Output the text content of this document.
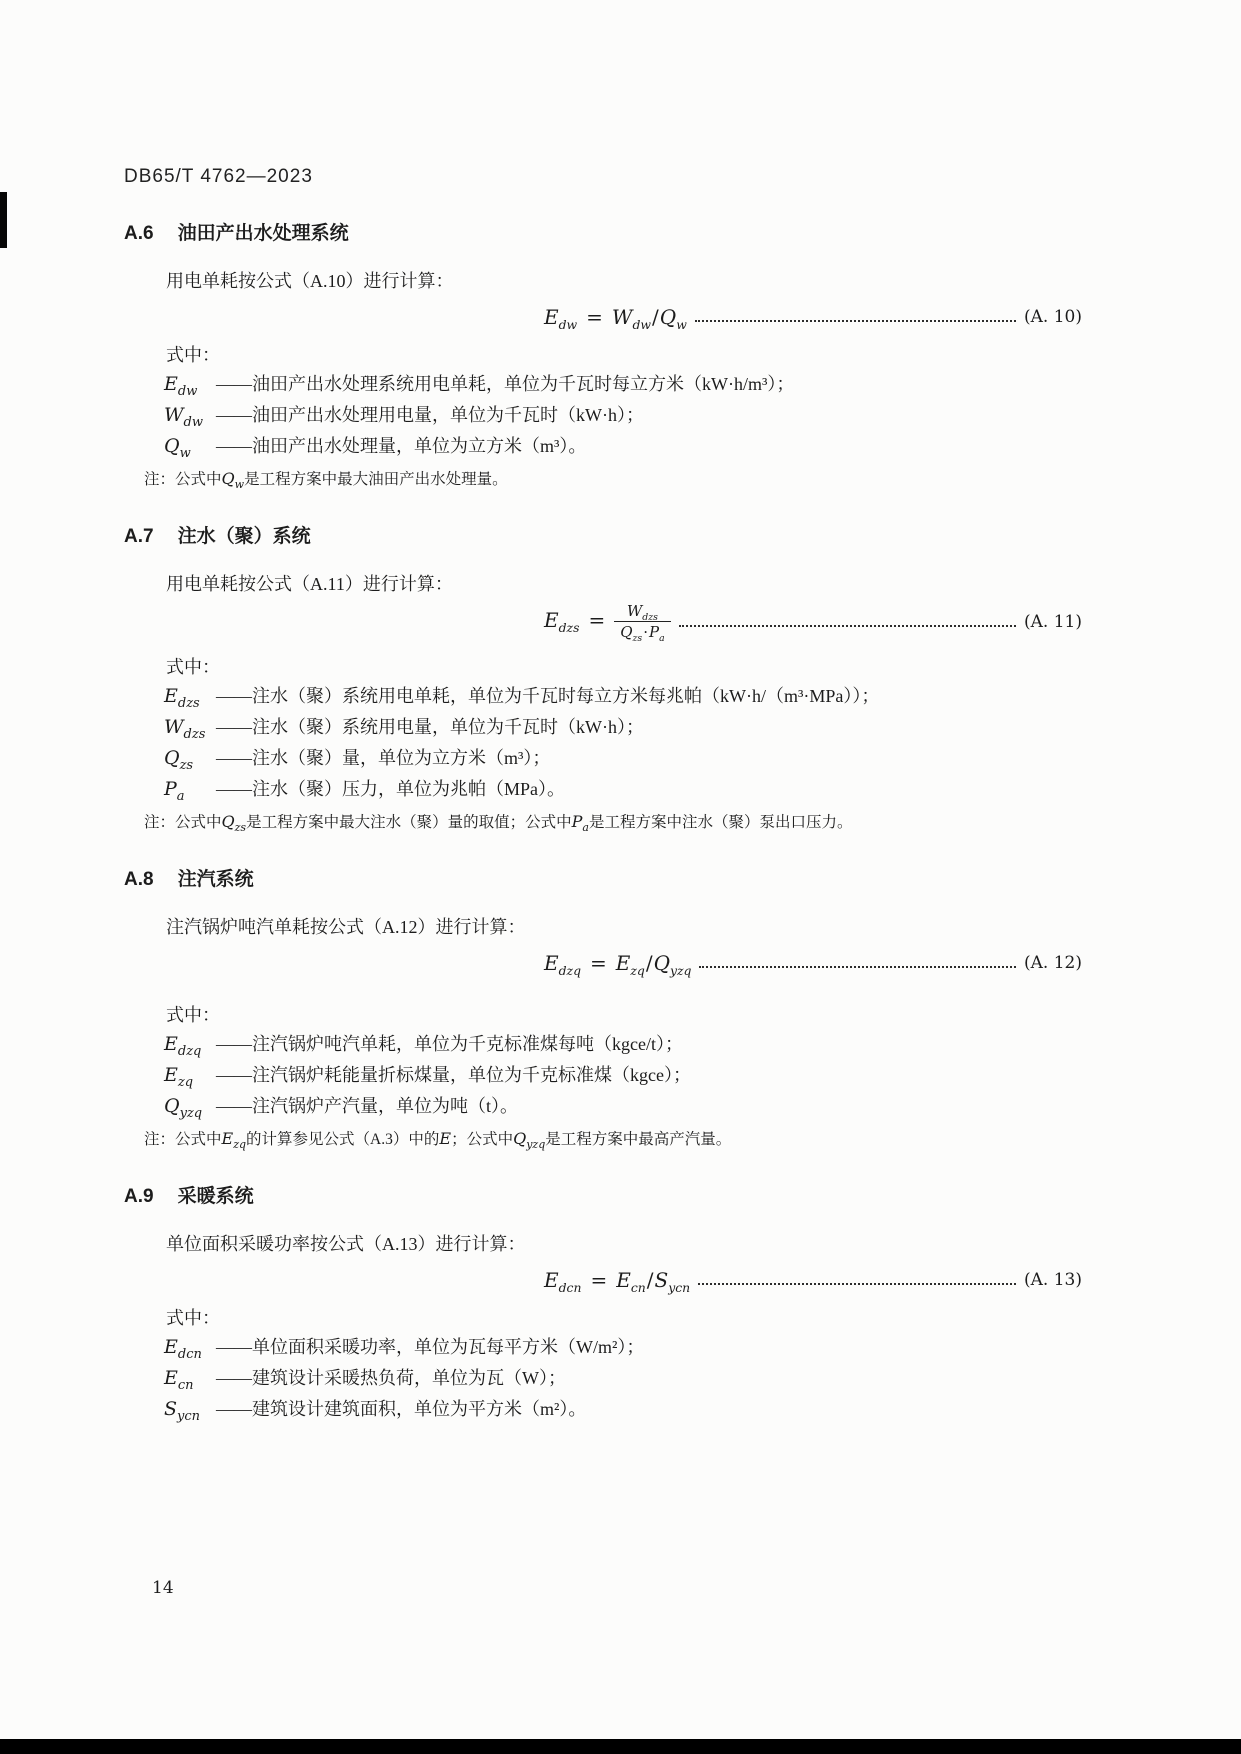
DB65/T 4762—2023
A.6 油田产出水处理系统
用电单耗按公式（A.10）进行计算：
$E_{dw} = W_{dw}/Q_w$	(A. 10)
式中：
$E_{dw}$	——油田产出水处理系统用电单耗，单位为千瓦时每立方米（kW·h/m³）；
$W_{dw}$ ——油田产出水处理用电量，单位为千瓦时（kW·h）；
$Q_w$	——油田产出水处理量，单位为立方米（m³）。
注：公式中$Q_w$是工程方案中最大油田产出水处理量。
A.7 注水（聚）系统
用电单耗按公式（A.11）进行计算：
$E_{dzs} = \frac{W_{dzs}}{Q_{zs}\cdot P_a}$	(A. 11)
式中：
$E_{dzs}$ ——注水（聚）系统用电单耗，单位为千瓦时每立方米每兆帕（kW·h/（m³·MPa））；
$W_{dzs}$ ——注水（聚）系统用电量，单位为千瓦时（kW·h）；
$Q_{zs}$	——注水（聚）量，单位为立方米（m³）；
$P_a$	——注水（聚）压力，单位为兆帕（MPa）。
注：公式中$Q_{zs}$是工程方案中最大注水（聚）量的取值；公式中$P_a$是工程方案中注水（聚）泵出口压力。
A.8 注汽系统
注汽锅炉吨汽单耗按公式（A.12）进行计算：
$E_{dzq} = E_{zq}/Q_{yzq}$	(A. 12)
式中：
$E_{dzq}$ ——注汽锅炉吨汽单耗，单位为千克标准煤每吨（kgce/t）；
$E_{zq}$	——注汽锅炉耗能量折标煤量，单位为千克标准煤（kgce）；
$Q_{yzq}$ ——注汽锅炉产汽量，单位为吨（t）。
注：公式中$E_{zq}$的计算参见公式（A.3）中的E；公式中$Q_{yzq}$是工程方案中最高产汽量。
A.9 采暖系统
单位面积采暖功率按公式（A.13）进行计算：
$E_{dcn} = E_{cn}/S_{ycn}$	(A. 13)
式中：
$E_{dcn}$ ——单位面积采暖功率，单位为瓦每平方米（W/m²）；
$E_{cn}$	——建筑设计采暖热负荷，单位为瓦（W）；
$S_{ycn}$ ——建筑设计建筑面积，单位为平方米（m²）。
14
